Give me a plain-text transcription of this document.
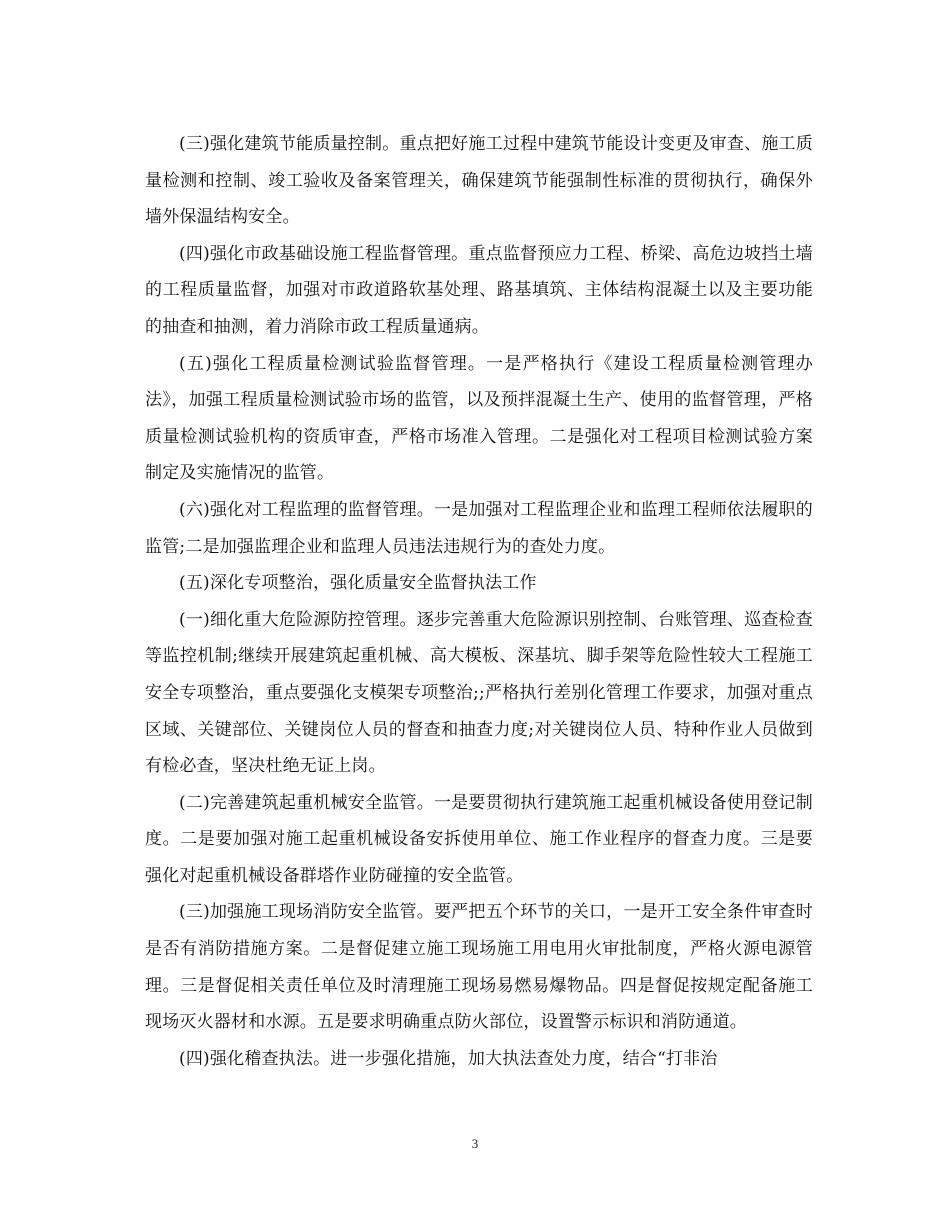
(三)强化建筑节能质量控制。重点把好施工过程中建筑节能设计变更及审查、施工质量检测和控制、竣工验收及备案管理关，确保建筑节能强制性标准的贯彻执行，确保外墙外保温结构安全。

(四)强化市政基础设施工程监督管理。重点监督预应力工程、桥梁、高危边坡挡土墙的工程质量监督，加强对市政道路软基处理、路基填筑、主体结构混凝土以及主要功能的抽查和抽测，着力消除市政工程质量通病。

(五)强化工程质量检测试验监督管理。一是严格执行《建设工程质量检测管理办法》，加强工程质量检测试验市场的监管，以及预拌混凝土生产、使用的监督管理，严格质量检测试验机构的资质审查，严格市场准入管理。二是强化对工程项目检测试验方案制定及实施情况的监管。

(六)强化对工程监理的监督管理。一是加强对工程监理企业和监理工程师依法履职的监管;二是加强监理企业和监理人员违法违规行为的查处力度。

(五)深化专项整治，强化质量安全监督执法工作

(一)细化重大危险源防控管理。逐步完善重大危险源识别控制、台账管理、巡查检查等监控机制;继续开展建筑起重机械、高大模板、深基坑、脚手架等危险性较大工程施工安全专项整治，重点要强化支模架专项整治;;严格执行差别化管理工作要求，加强对重点区域、关键部位、关键岗位人员的督查和抽查力度;对关键岗位人员、特种作业人员做到有检必查，坚决杜绝无证上岗。

(二)完善建筑起重机械安全监管。一是要贯彻执行建筑施工起重机械设备使用登记制度。二是要加强对施工起重机械设备安拆使用单位、施工作业程序的督查力度。三是要强化对起重机械设备群塔作业防碰撞的安全监管。

(三)加强施工现场消防安全监管。要严把五个环节的关口，一是开工安全条件审查时是否有消防措施方案。二是督促建立施工现场施工用电用火审批制度，严格火源电源管理。三是督促相关责任单位及时清理施工现场易燃易爆物品。四是督促按规定配备施工现场灭火器材和水源。五是要求明确重点防火部位，设置警示标识和消防通道。

(四)强化稽查执法。进一步强化措施，加大执法查处力度，结合“打非治

3
